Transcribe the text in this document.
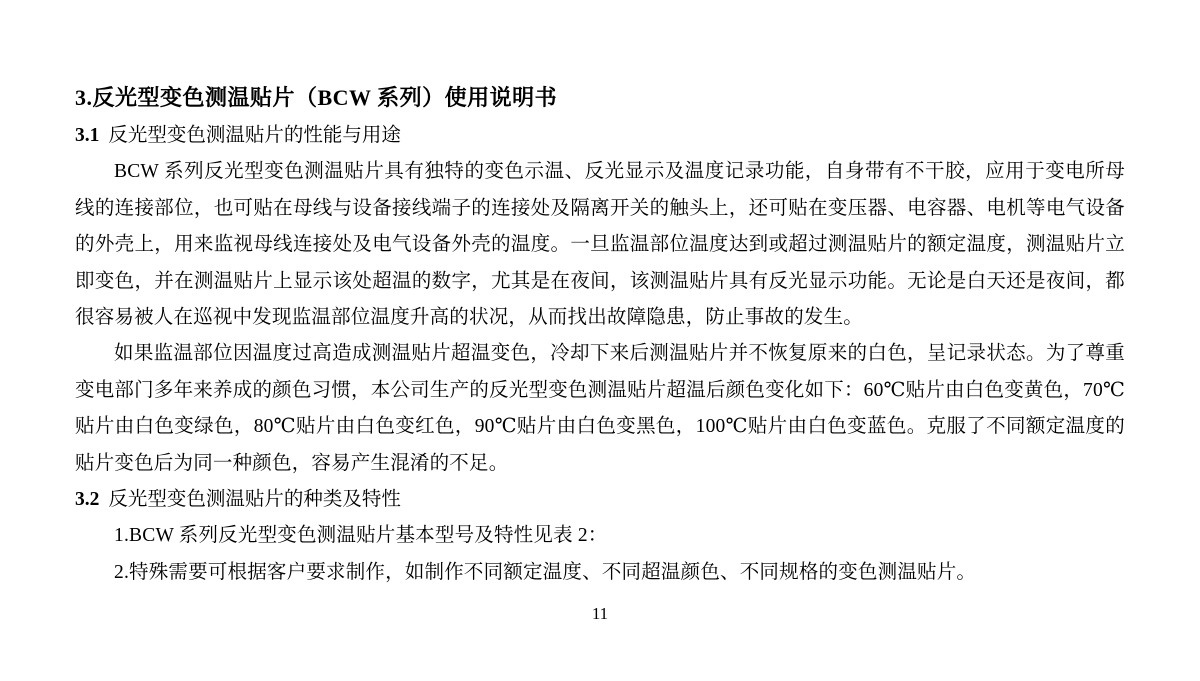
3.反光型变色测温贴片（BCW 系列）使用说明书
3.1 反光型变色测温贴片的性能与用途

BCW 系列反光型变色测温贴片具有独特的变色示温、反光显示及温度记录功能，自身带有不干胶，应用于变电所母线的连接部位，也可贴在母线与设备接线端子的连接处及隔离开关的触头上，还可贴在变压器、电容器、电机等电气设备的外壳上，用来监视母线连接处及电气设备外壳的温度。一旦监温部位温度达到或超过测温贴片的额定温度，测温贴片立即变色，并在测温贴片上显示该处超温的数字，尤其是在夜间，该测温贴片具有反光显示功能。无论是白天还是夜间，都很容易被人在巡视中发现监温部位温度升高的状况，从而找出故障隐患，防止事故的发生。

如果监温部位因温度过高造成测温贴片超温变色，冷却下来后测温贴片并不恢复原来的白色，呈记录状态。为了尊重变电部门多年来养成的颜色习惯，本公司生产的反光型变色测温贴片超温后颜色变化如下：60℃贴片由白色变黄色，70℃贴片由白色变绿色，80℃贴片由白色变红色，90℃贴片由白色变黑色，100℃贴片由白色变蓝色。克服了不同额定温度的贴片变色后为同一种颜色，容易产生混淆的不足。

3.2 反光型变色测温贴片的种类及特性

1.BCW 系列反光型变色测温贴片基本型号及特性见表 2：

2.特殊需要可根据客户要求制作，如制作不同额定温度、不同超温颜色、不同规格的变色测温贴片。

11
